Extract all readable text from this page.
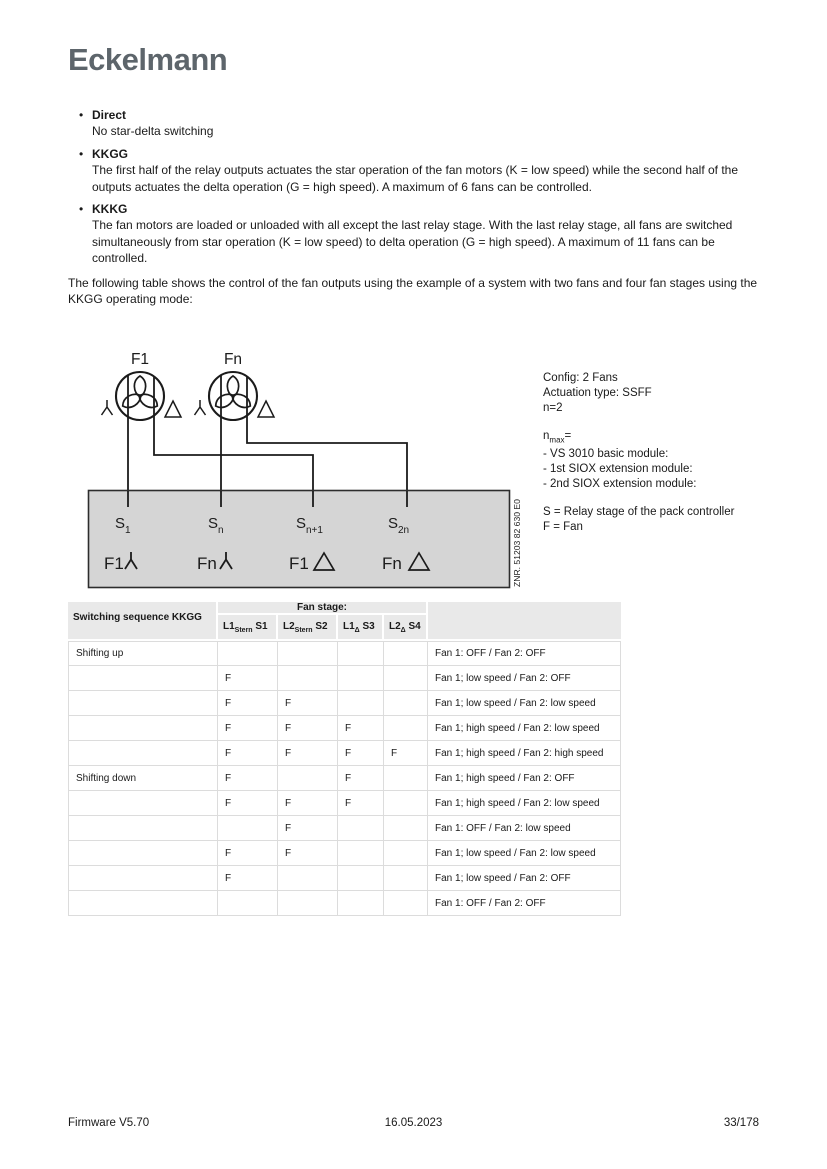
Eckelmann
• Direct
No star-delta switching
• KKGG
The first half of the relay outputs actuates the star operation of the fan motors (K = low speed) while the second half of the outputs actuates the delta operation (G = high speed). A maximum of 6 fans can be controlled.
• KKKG
The fan motors are loaded or unloaded with all except the last relay stage. With the last relay stage, all fans are switched simultaneously from star operation (K = low speed) to delta operation (G = high speed). A maximum of 11 fans can be controlled.
The following table shows the control of the fan outputs using the example of a system with two fans and four fan stages using the KKGG operating mode:
F1	Fn
S 1	S n	S n+1	S 2n
F1	Fn	F1	Fn	ZNR. 51203 82 630 E0
Config: 2 Fans
Actuation type: SSFF
n=2
$n_{max}=$
- VS 3010 basic module:
- 1st SIOX extension module:
- 2nd SIOX extension module:
S = Relay stage of the pack controller
F = Fan
Switching sequence KKGG	Fan stage:				
	$L1_{Stern}$ S1	$L2_{Stern}$ S2	$L1_\Delta$ S3	$L2_\Delta$ S4	
Shifting up					Fan 1: OFF / Fan 2: OFF
	F				Fan 1; low speed / Fan 2: OFF
	F	F			Fan 1; low speed / Fan 2: low speed
	F	F	F		Fan 1; high speed / Fan 2: low speed
	F	F	F	F	Fan 1; high speed / Fan 2: high speed
Shifting down	F		F		Fan 1; high speed / Fan 2: OFF
	F	F	F		Fan 1; high speed / Fan 2: low speed
		F			Fan 1: OFF / Fan 2: low speed
	F	F			Fan 1; low speed / Fan 2: low speed
	F				Fan 1; low speed / Fan 2: OFF
					Fan 1: OFF / Fan 2: OFF
Firmware V5.70	16.05.2023	33/178
